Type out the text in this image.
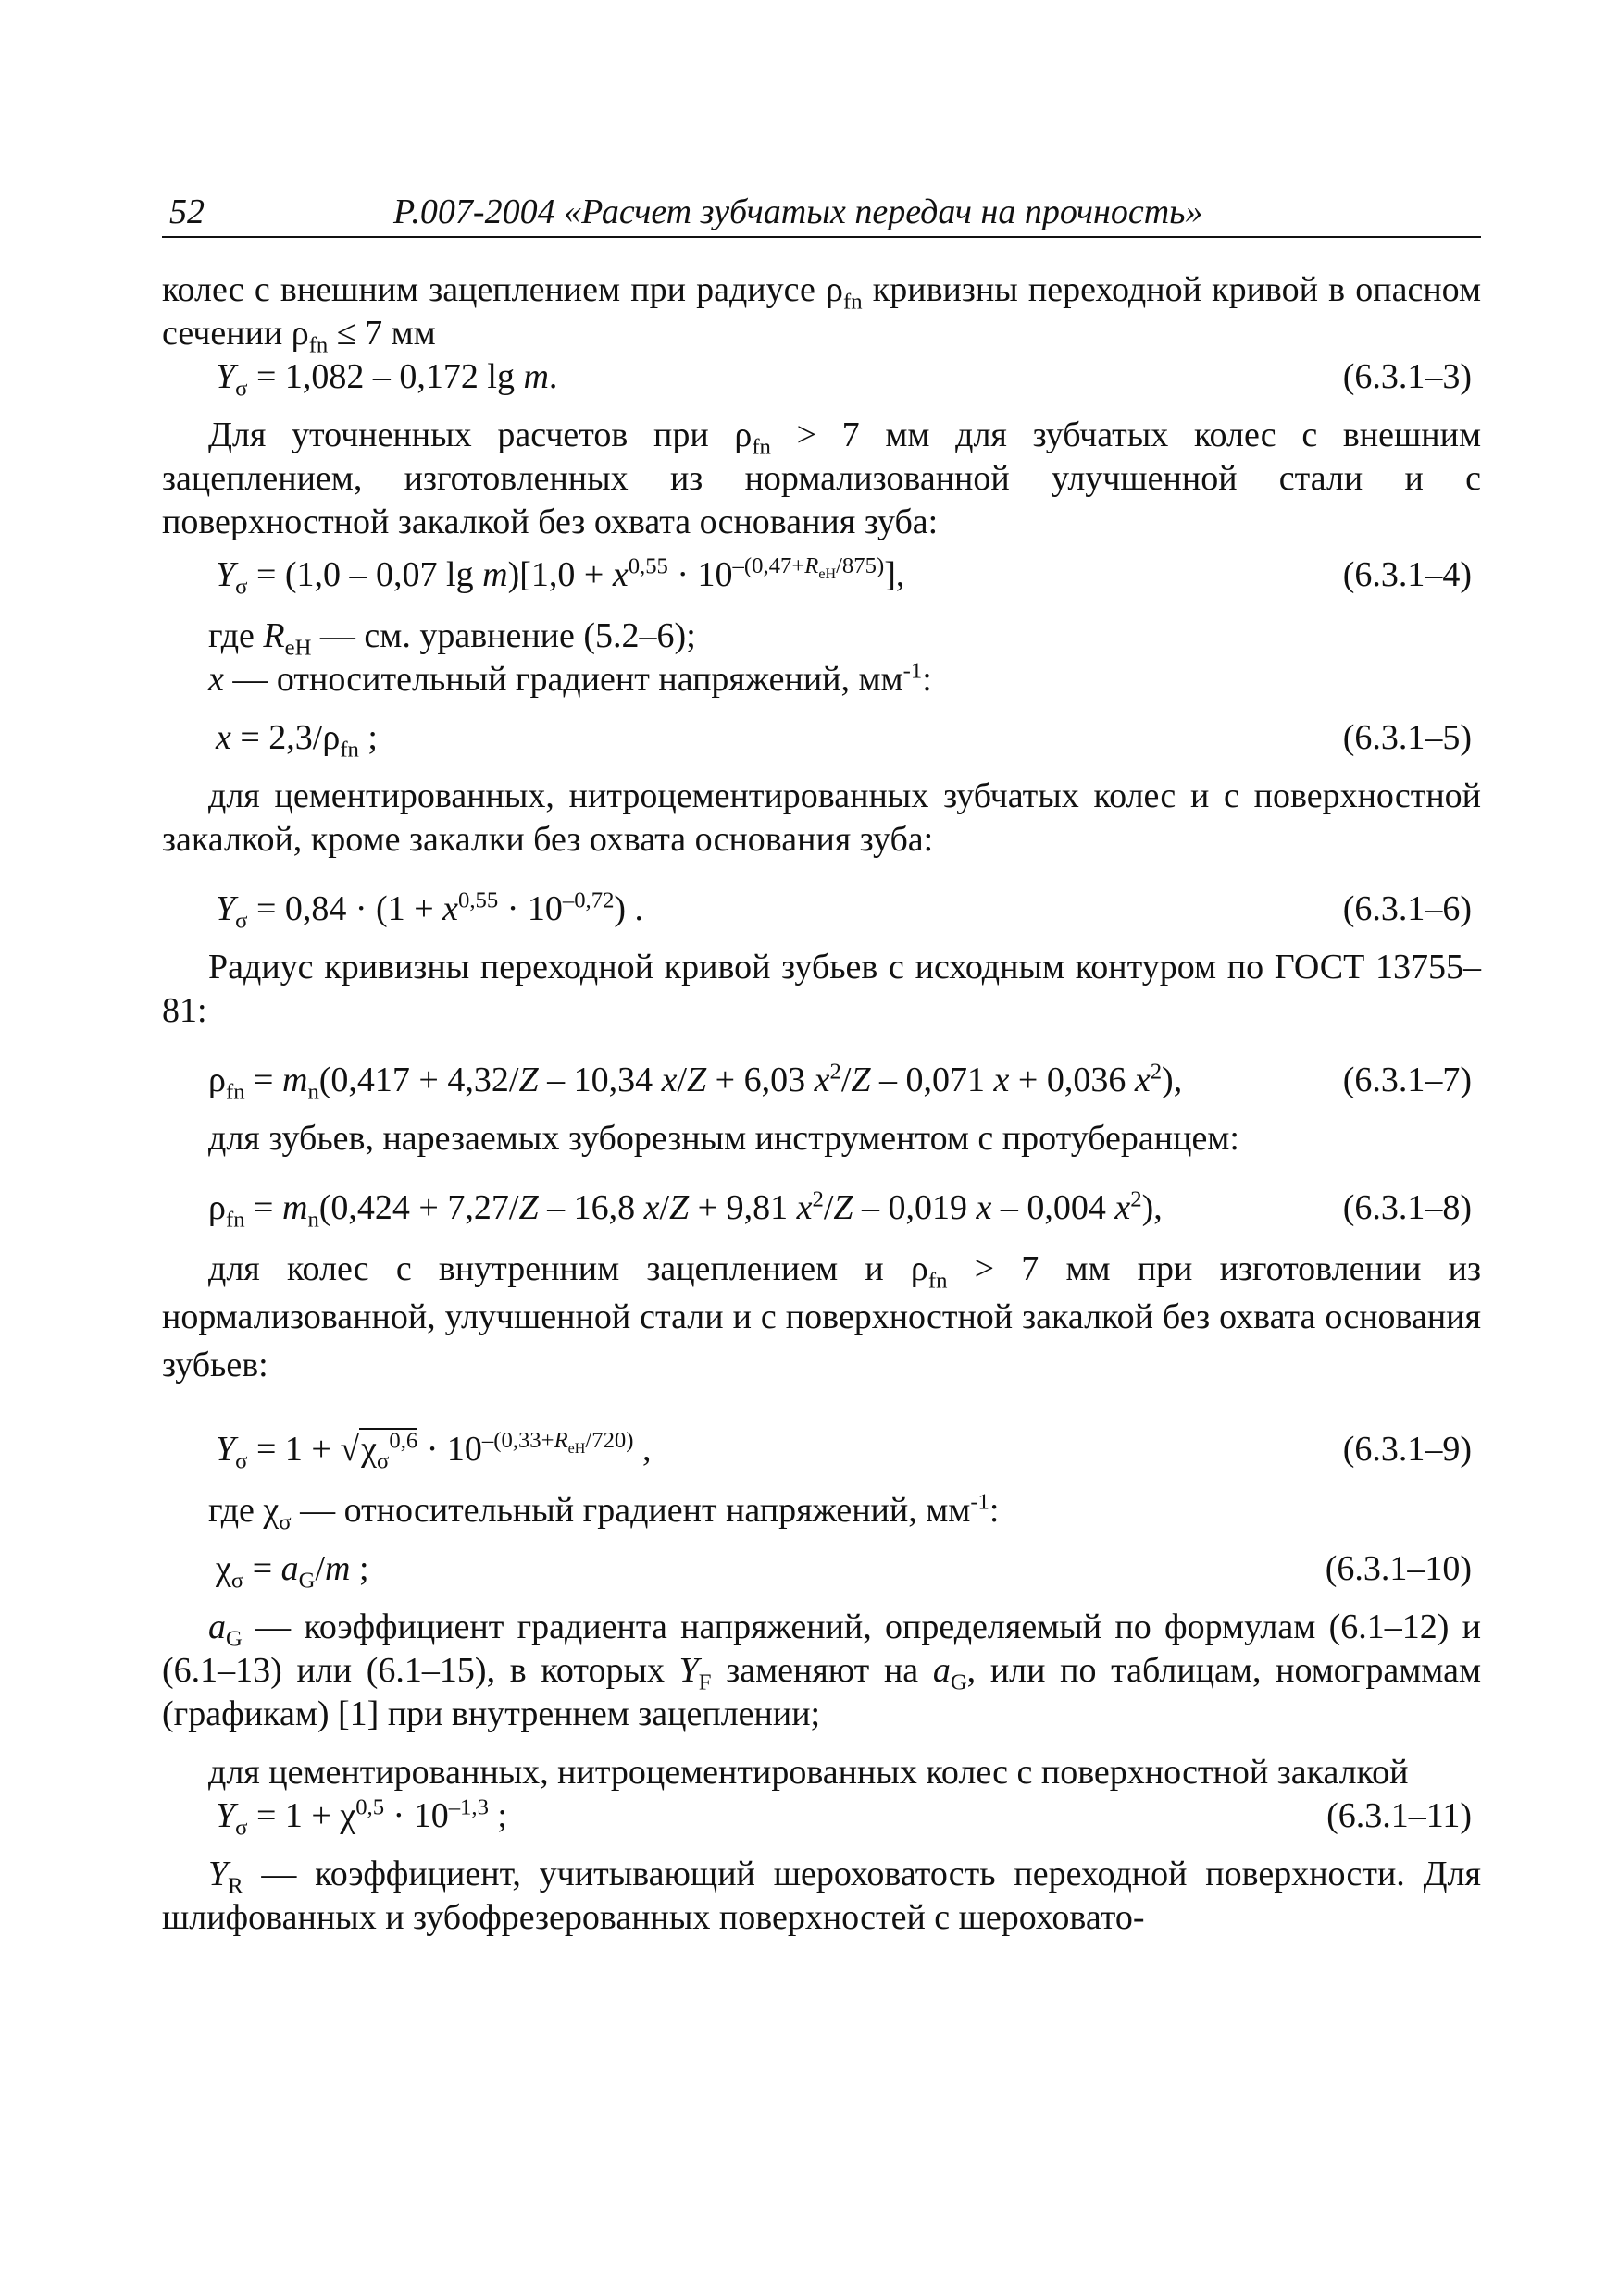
52	Р.007-2004 «Расчет зубчатых передач на прочность»

колес с внешним зацеплением при радиусе $\rho_{fn}$ кривизны переходной кривой в опасном сечении $\rho_{fn} \le 7$ мм

$Y_\sigma = 1,082 - 0,172$ lg m.	(6.3.1–3)

Для уточненных расчетов при $\rho_{fn} > 7$ мм для зубчатых колес с внешним зацеплением, изготовленных из нормализованной улучшенной стали и с поверхностной закалкой без охвата основания зуба:

$Y_\sigma = (1,0 - 0,07$ $\lg m)[1,0 + x^{0,55} \cdot 10^{-(0,47+R_{eH}/875)}]$,	(6.3.1–4)

где $R_{eH}$ — см. уравнение (5.2–6);

x — относительный градиент напряжений, $мм^{-1}$:

$x = 2,3/\rho_{fn}$ ;	(6.3.1–5)

для цементированных, нитроцементированных зубчатых колес и с поверхностной закалкой, кроме закалки без охвата основания зуба:

$Y_\sigma = 0,84 \cdot (1 + x^{0,55} \cdot 10^{-0,72})$ .	(6.3.1–6)

Радиус кривизны переходной кривой зубьев с исходным контуром по ГОСТ 13755–81:

$\rho_{fn} = m_n(0,417 + 4,32/Z - 10,34$ x/Z + 6,03 $x^2/Z - 0,071$ x + 0,036 $x^2$),	(6.3.1–7)

для зубьев, нарезаемых зуборезным инструментом с протуберанцем:

$\rho_{fn} = m_n(0,424 + 7,27/Z - 16,8$ x/Z + 9,81 $x^2/Z - 0,019$ x – 0,004 $x^2$),	(6.3.1–8)

для колес с внутренним зацеплением и $\rho_{fn} > 7$ мм при изготовлении из нормализованной, улучшенной стали и с поверхностной закалкой без охвата основания зубьев:

$Y_\sigma = 1 + √\chi_\sigma^{0,6} \cdot 10^{-(0,33+R_{eH}/720)}$ ,	(6.3.1–9)

где $\chi_\sigma$ — относительный градиент напряжений, $мм^{-1}$:

$\chi_\sigma = a_G/m$ ;	(6.3.1–10)

$a_G$ — коэффициент градиента напряжений, определяемый по формулам (6.1–12) и (6.1–13) или (6.1–15), в которых $Y_F$ заменяют на $a_G$, или по таблицам, номограммам (графикам) [1] при внутреннем зацеплении;

для цементированных, нитроцементированных колес с поверхностной закалкой

$Y_\sigma = 1 + \chi^{0,5} \cdot 10^{-1,3}$ ;	(6.3.1–11)

$Y_R$ — коэффициент, учитывающий шероховатость переходной поверхности. Для шлифованных и зубофрезерованных поверхностей с шероховато-
